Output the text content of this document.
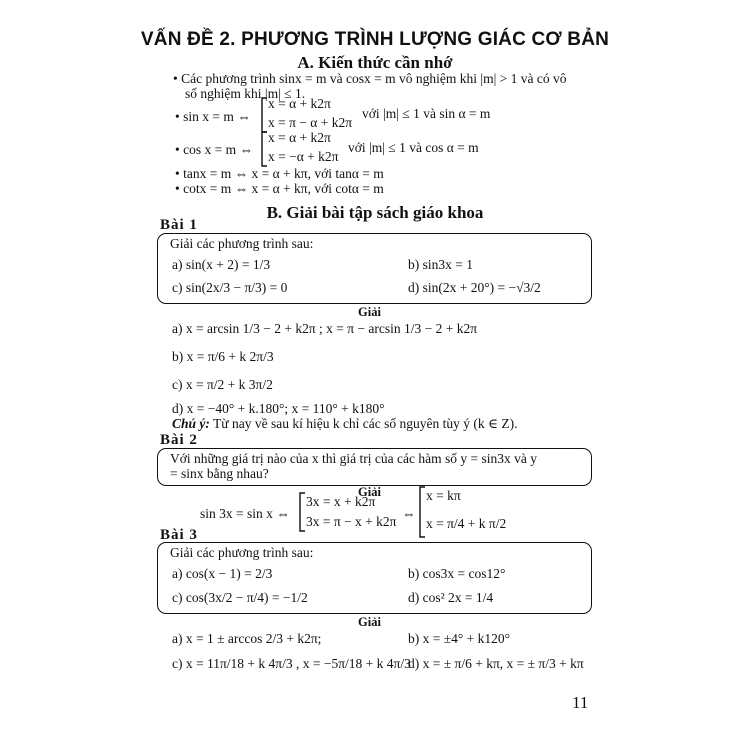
VẤN ĐỀ 2. PHƯƠNG TRÌNH LƯỢNG GIÁC CƠ BẢN
A. Kiến thức cần nhớ
• Các phương trình sinx = m và cosx = m vô nghiệm khi |m| > 1 và có vô
số nghiệm khi |m| ≤ 1.
• sin x = m ⇔
x = α + k2π
x = π − α + k2π
với |m| ≤ 1 và sin α = m
• cos x = m ⇔
x = α + k2π
x = −α + k2π
với |m| ≤ 1 và cos α = m
• tanx = m ⇔ x = α + kπ, với tanα = m
• cotx = m ⇔ x = α + kπ, với cotα = m
B. Giải bài tập sách giáo khoa
Bài 1
Giải các phương trình sau:
a) sin(x + 2) = 1/3	b) sin3x = 1
c) sin(2x/3 − π/3) = 0	d) sin(2x + 20°) = −√3/2
Giải
a) x = arcsin 1/3 − 2 + k2π ; x = π − arcsin 1/3 − 2 + k2π
b) x = π/6 + k 2π/3
c) x = π/2 + k 3π/2
d) x = −40° + k.180°; x = 110° + k180°
Chú ý: Từ nay về sau kí hiệu k chỉ các số nguyên tùy ý (k ∈ Z).
Bài 2
Với những giá trị nào của x thì giá trị của các hàm số y = sin3x và y
= sinx bằng nhau?
Giải
sin 3x = sin x ⇔
3x = x + k2π
3x = π − x + k2π
⇔
x = kπ
x = π/4 + k π/2
Bài 3
Giải các phương trình sau:
a) cos(x − 1) = 2/3	b) cos3x = cos12°
c) cos(3x/2 − π/4) = −1/2	d) cos² 2x = 1/4
Giải
a) x = 1 ± arccos 2/3 + k2π;	b) x = ±4° + k120°
c) x = 11π/18 + k 4π/3 , x = −5π/18 + k 4π/3
d) x = ± π/6 + kπ, x = ± π/3 + kπ
11
